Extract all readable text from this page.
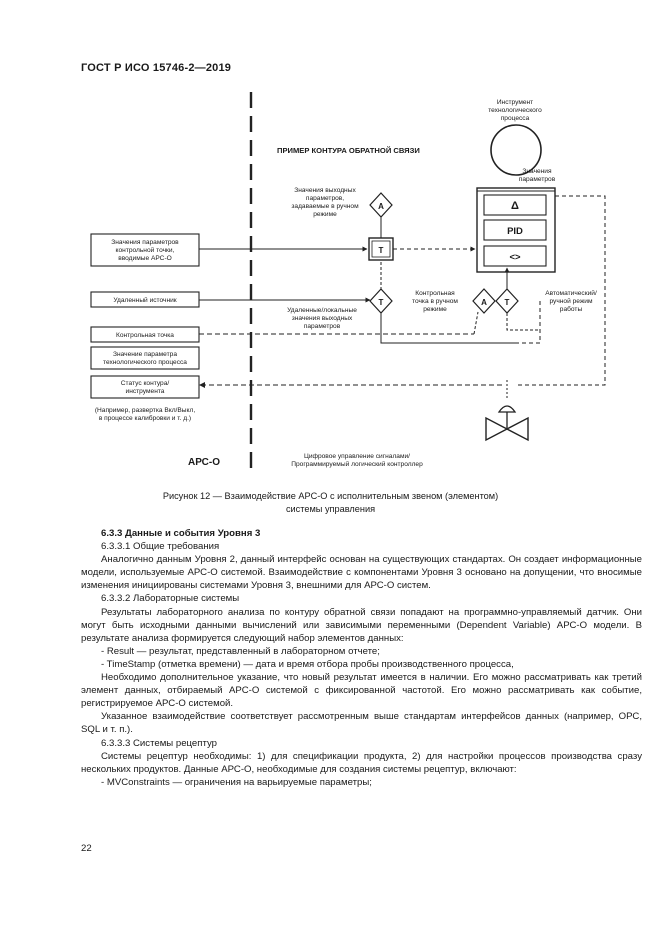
ГОСТ Р ИСО 15746-2—2019
ПРИМЕР КОНТУРА ОБРАТНОЙ СВЯЗИ
Инструмент
технологического
процесса
Значения
параметров
Δ
PID
<>
Значения выходных
параметров,
задаваемые в ручном
режиме
A
T
T
Удаленные/локальные
значения выходных
параметров
A T
Контрольная
точка в ручном
режиме
Автоматический/
ручной режим
работы
Значения параметров
контрольной точки,
вводимые АРС-О
Удаленный источник
Контрольная точка
Значение параметра
технологического процесса
Статус контура/
инструмента
(Например, развертка Вкл/Выкл,
в процессе калибровки и т. д.)
АРС-О
Цифровое управление сигналами/
Программируемый логический контроллер
Рисунок 12 — Взаимодействие АРС-О с исполнительным звеном (элементом)
системы управления

6.3.3 Данные и события Уровня 3

6.3.3.1 Общие требования

Аналогично данным Уровня 2, данный интерфейс основан на существующих стандартах. Он создает информационные модели, используемые АРС-О системой. Взаимодействие с компонентами Уровня 3 основано на допущении, что вносимые изменения инициированы системами Уровня 3, внешними для АРС-О систем.

6.3.3.2 Лабораторные системы

Результаты лабораторного анализа по контуру обратной связи попадают на программно-управляемый датчик. Они могут быть исходными данными вычислений или зависимыми переменными (Dependent Variable) АРС-О модели. В результате анализа формируется следующий набор элементов данных:

- Result — результат, представленный в лабораторном отчете;

- TimeStamp (отметка времени) — дата и время отбора пробы производственного процесса,

Необходимо дополнительное указание, что новый результат имеется в наличии. Его можно рассматривать как третий элемент данных, отбираемый АРС-О системой с фиксированной частотой. Его можно рассматривать как событие, регистрируемое АРС-О системой.

Указанное взаимодействие соответствует рассмотренным выше стандартам интерфейсов данных (например, ОРС, SQL и т. п.).

6.3.3.3 Системы рецептур

Системы рецептур необходимы: 1) для спецификации продукта, 2) для настройки процессов производства сразу нескольких продуктов. Данные АРС-О, необходимые для создания системы рецептур, включают:

- MVConstraints — ограничения на варьируемые параметры;

22
